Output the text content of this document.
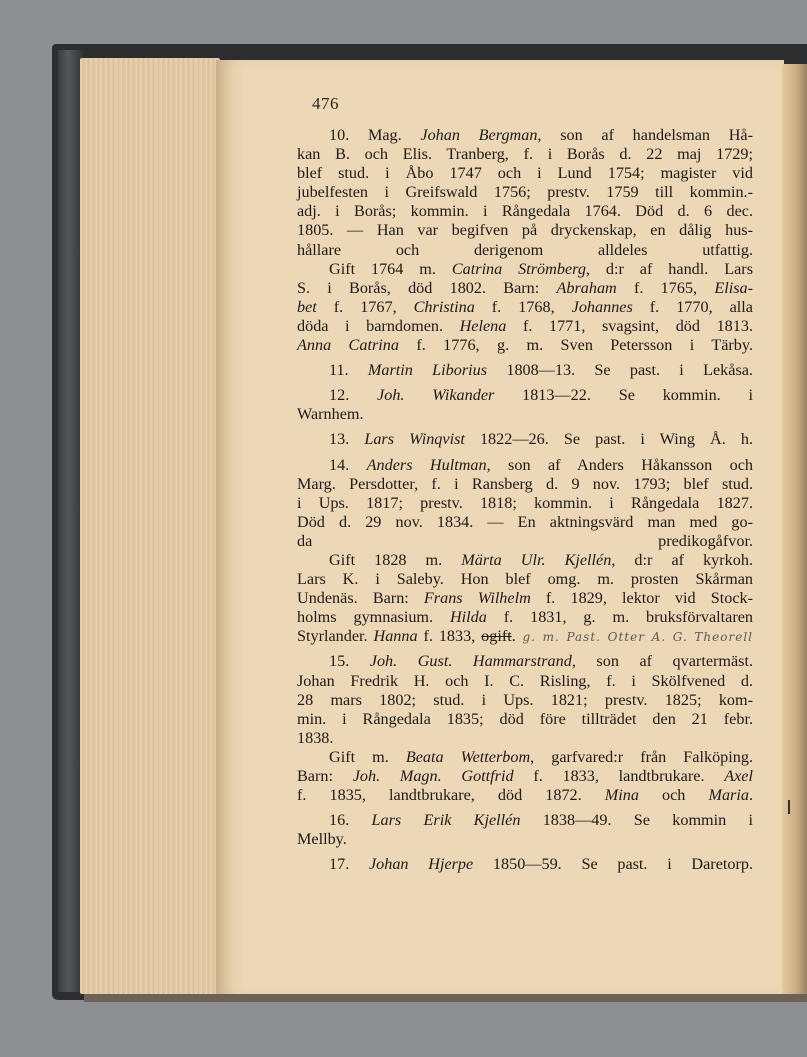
476
10. Mag. Johan Bergman, son af handelsman Hå-
kan B. och Elis. Tranberg, f. i Borås d. 22 maj 1729;
blef stud. i Åbo 1747 och i Lund 1754; magister vid
jubelfesten i Greifswald 1756; prestv. 1759 till kommin.-
adj. i Borås; kommin. i Rångedala 1764. Död d. 6 dec.
1805. — Han var begifven på dryckenskap, en dålig hus-
hållare och derigenom alldeles utfattig.
Gift 1764 m. Catrina Strömberg, d:r af handl. Lars
S. i Borås, död 1802. Barn: Abraham f. 1765, Elisa-
bet f. 1767, Christina f. 1768, Johannes f. 1770, alla
döda i barndomen. Helena f. 1771, svagsint, död 1813.
Anna Catrina f. 1776, g. m. Sven Petersson i Tärby.
11. Martin Liborius 1808—13. Se past. i Lekåsa.
12. Joh. Wikander 1813—22. Se kommin. i
Warnhem.
13. Lars Winqvist 1822—26. Se past. i Wing Å. h.
14. Anders Hultman, son af Anders Håkansson och
Marg. Persdotter, f. i Ransberg d. 9 nov. 1793; blef stud.
i Ups. 1817; prestv. 1818; kommin. i Rångedala 1827.
Död d. 29 nov. 1834. — En aktningsvärd man med go-
da predikogåfvor.
Gift 1828 m. Märta Ulr. Kjellén, d:r af kyrkoh.
Lars K. i Saleby. Hon blef omg. m. prosten Skårman
Undenäs. Barn: Frans Wilhelm f. 1829, lektor vid Stock-
holms gymnasium. Hilda f. 1831, g. m. bruksförvaltaren
Styrlander. Hanna f. 1833, ogift. g. m. Past. Otter A. G. Theorell
15. Joh. Gust. Hammarstrand, son af qvartermäst.
Johan Fredrik H. och I. C. Risling, f. i Skölfvened d.
28 mars 1802; stud. i Ups. 1821; prestv. 1825; kom-
min. i Rångedala 1835; död före tillträdet den 21 febr.
1838.
Gift m. Beata Wetterbom, garfvared:r från Falköping.
Barn: Joh. Magn. Gottfrid f. 1833, landtbrukare. Axel
f. 1835, landtbrukare, död 1872. Mina och Maria.
16. Lars Erik Kjellén 1838—49. Se kommin i
Mellby.
17. Johan Hjerpe 1850—59. Se past. i Daretorp.
